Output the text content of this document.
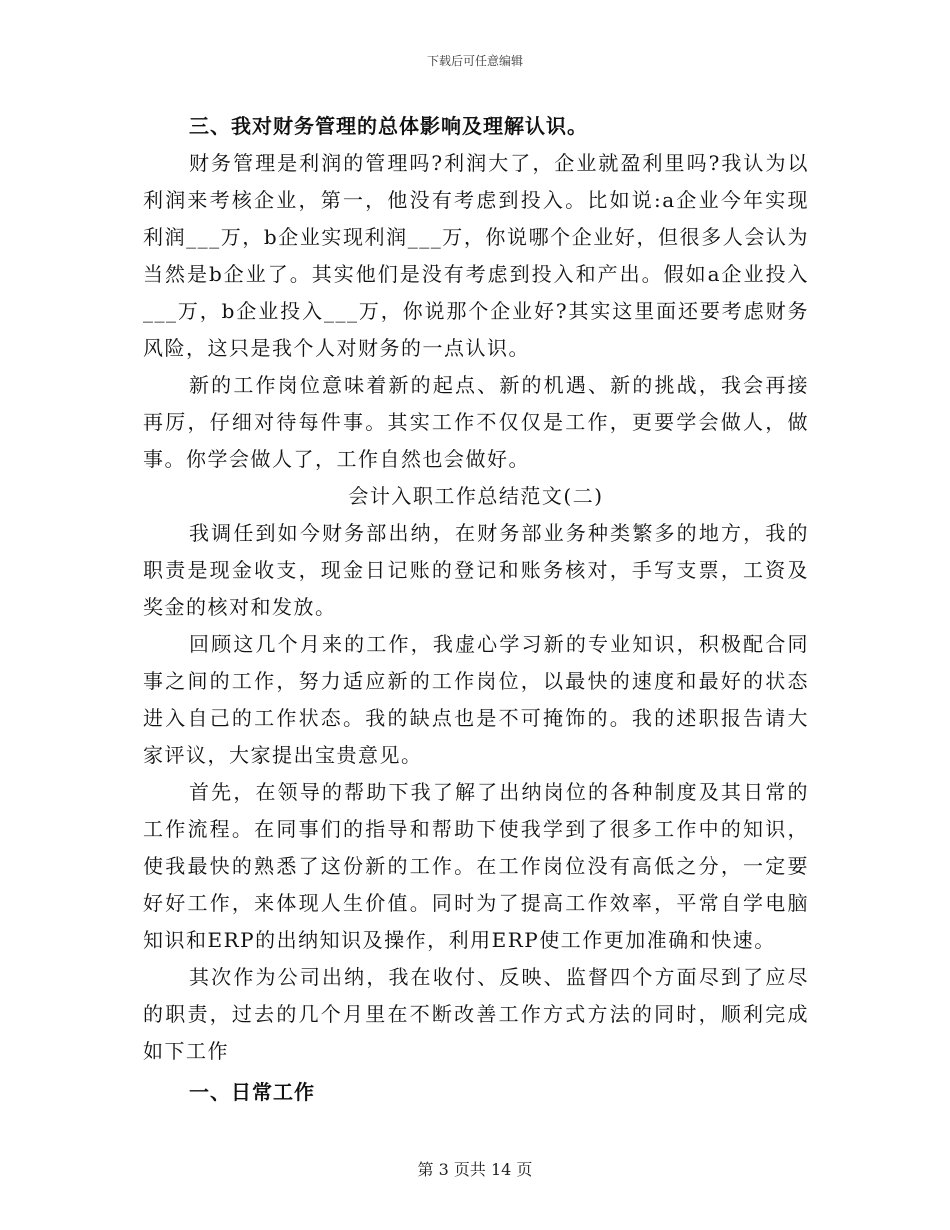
下载后可任意编辑
三、我对财务管理的总体影响及理解认识。

财务管理是利润的管理吗?利润大了，企业就盈利里吗?我认为以利润来考核企业，第一，他没有考虑到投入。比如说:a企业今年实现利润___万，b企业实现利润___万，你说哪个企业好，但很多人会认为当然是b企业了。其实他们是没有考虑到投入和产出。假如a企业投入___万，b企业投入___万，你说那个企业好?其实这里面还要考虑财务风险，这只是我个人对财务的一点认识。

新的工作岗位意味着新的起点、新的机遇、新的挑战，我会再接再厉，仔细对待每件事。其实工作不仅仅是工作，更要学会做人，做事。你学会做人了，工作自然也会做好。

会计入职工作总结范文(二)

我调任到如今财务部出纳，在财务部业务种类繁多的地方，我的职责是现金收支，现金日记账的登记和账务核对，手写支票，工资及奖金的核对和发放。

回顾这几个月来的工作，我虚心学习新的专业知识，积极配合同事之间的工作，努力适应新的工作岗位，以最快的速度和最好的状态进入自己的工作状态。我的缺点也是不可掩饰的。我的述职报告请大家评议，大家提出宝贵意见。

首先，在领导的帮助下我了解了出纳岗位的各种制度及其日常的工作流程。在同事们的指导和帮助下使我学到了很多工作中的知识，使我最快的熟悉了这份新的工作。在工作岗位没有高低之分，一定要好好工作，来体现人生价值。同时为了提高工作效率，平常自学电脑知识和ERP的出纳知识及操作，利用ERP使工作更加准确和快速。

其次作为公司出纳，我在收付、反映、监督四个方面尽到了应尽的职责，过去的几个月里在不断改善工作方式方法的同时，顺利完成如下工作

一、日常工作
第 3 页共 14 页
